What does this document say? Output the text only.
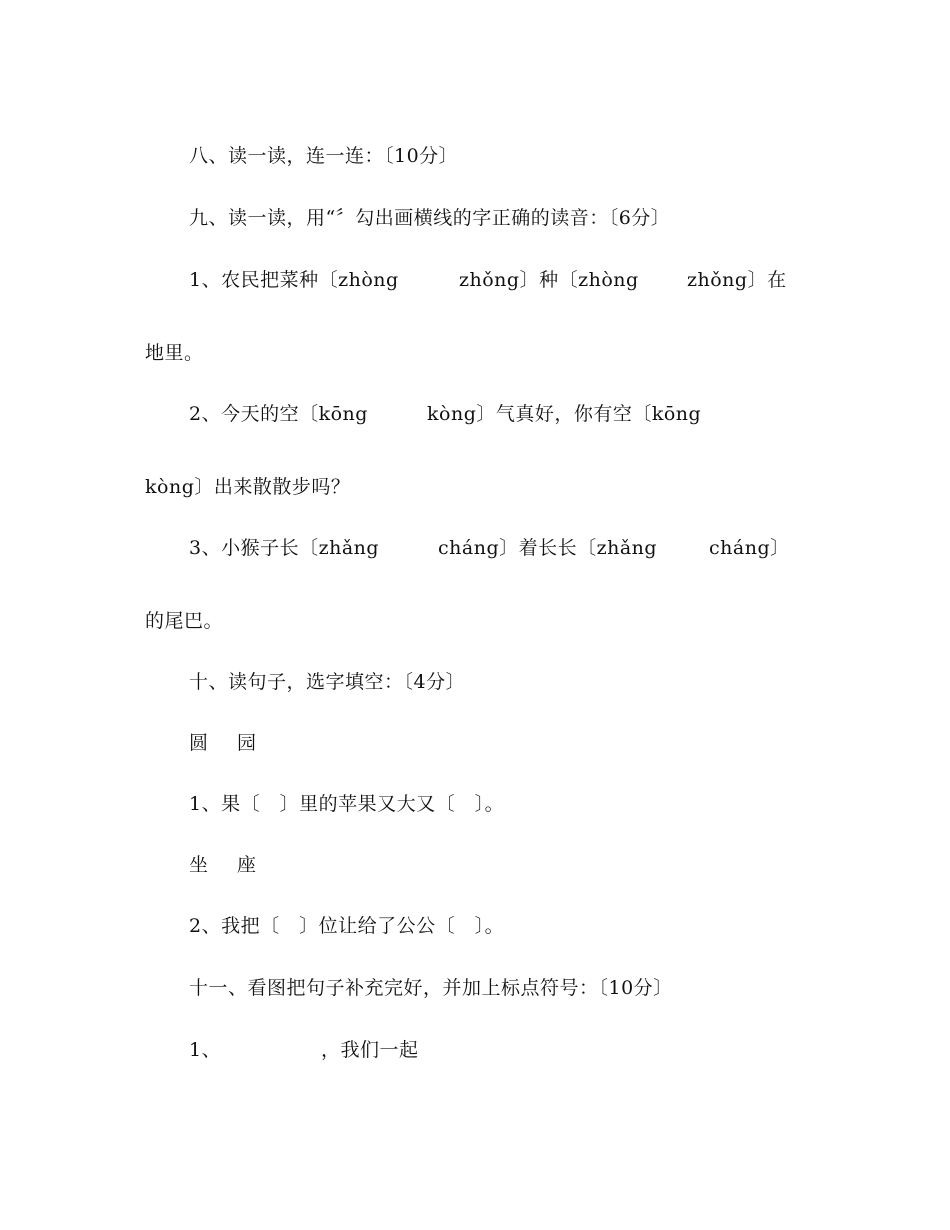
八、读一读，连一连：〔10分〕
九、读一读，用“〞勾出画横线的字正确的读音：〔6分〕

1、农民把菜种〔zhòng

	zhǒng〕种〔zhòng

	zhǒng〕在

地里。

2、今天的空〔kōng

	kòng〕气真好，你有空〔kōng

kòng〕出来散散步吗？

3、小猴子长〔zhǎng

	cháng〕着长长〔zhǎng

	cháng〕

的尾巴。
十、读句子，选字填空：〔4分〕

圆

园

1、果〔　〕里的苹果又大又〔　〕。

坐

座

2、我把〔　〕位让给了公公〔　〕。
十一、看图把句子补充完好，并加上标点符号：〔10分〕

1、

	，我们一起
